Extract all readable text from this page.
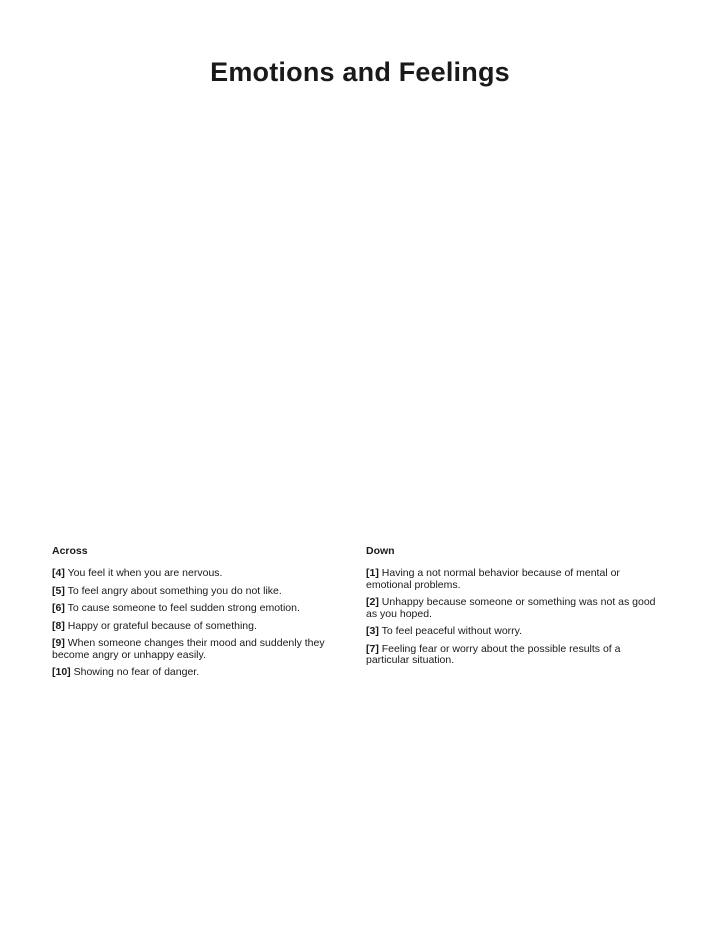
Emotions and Feelings
Across
[4] You feel it when you are nervous.
[5] To feel angry about something you do not like.
[6] To cause someone to feel sudden strong emotion.
[8] Happy or grateful because of something.
[9] When someone changes their mood and suddenly they become angry or unhappy easily.
[10] Showing no fear of danger.
Down
[1] Having a not normal behavior because of mental or emotional problems.
[2] Unhappy because someone or something was not as good as you hoped.
[3] To feel peaceful without worry.
[7] Feeling fear or worry about the possible results of a particular situation.
